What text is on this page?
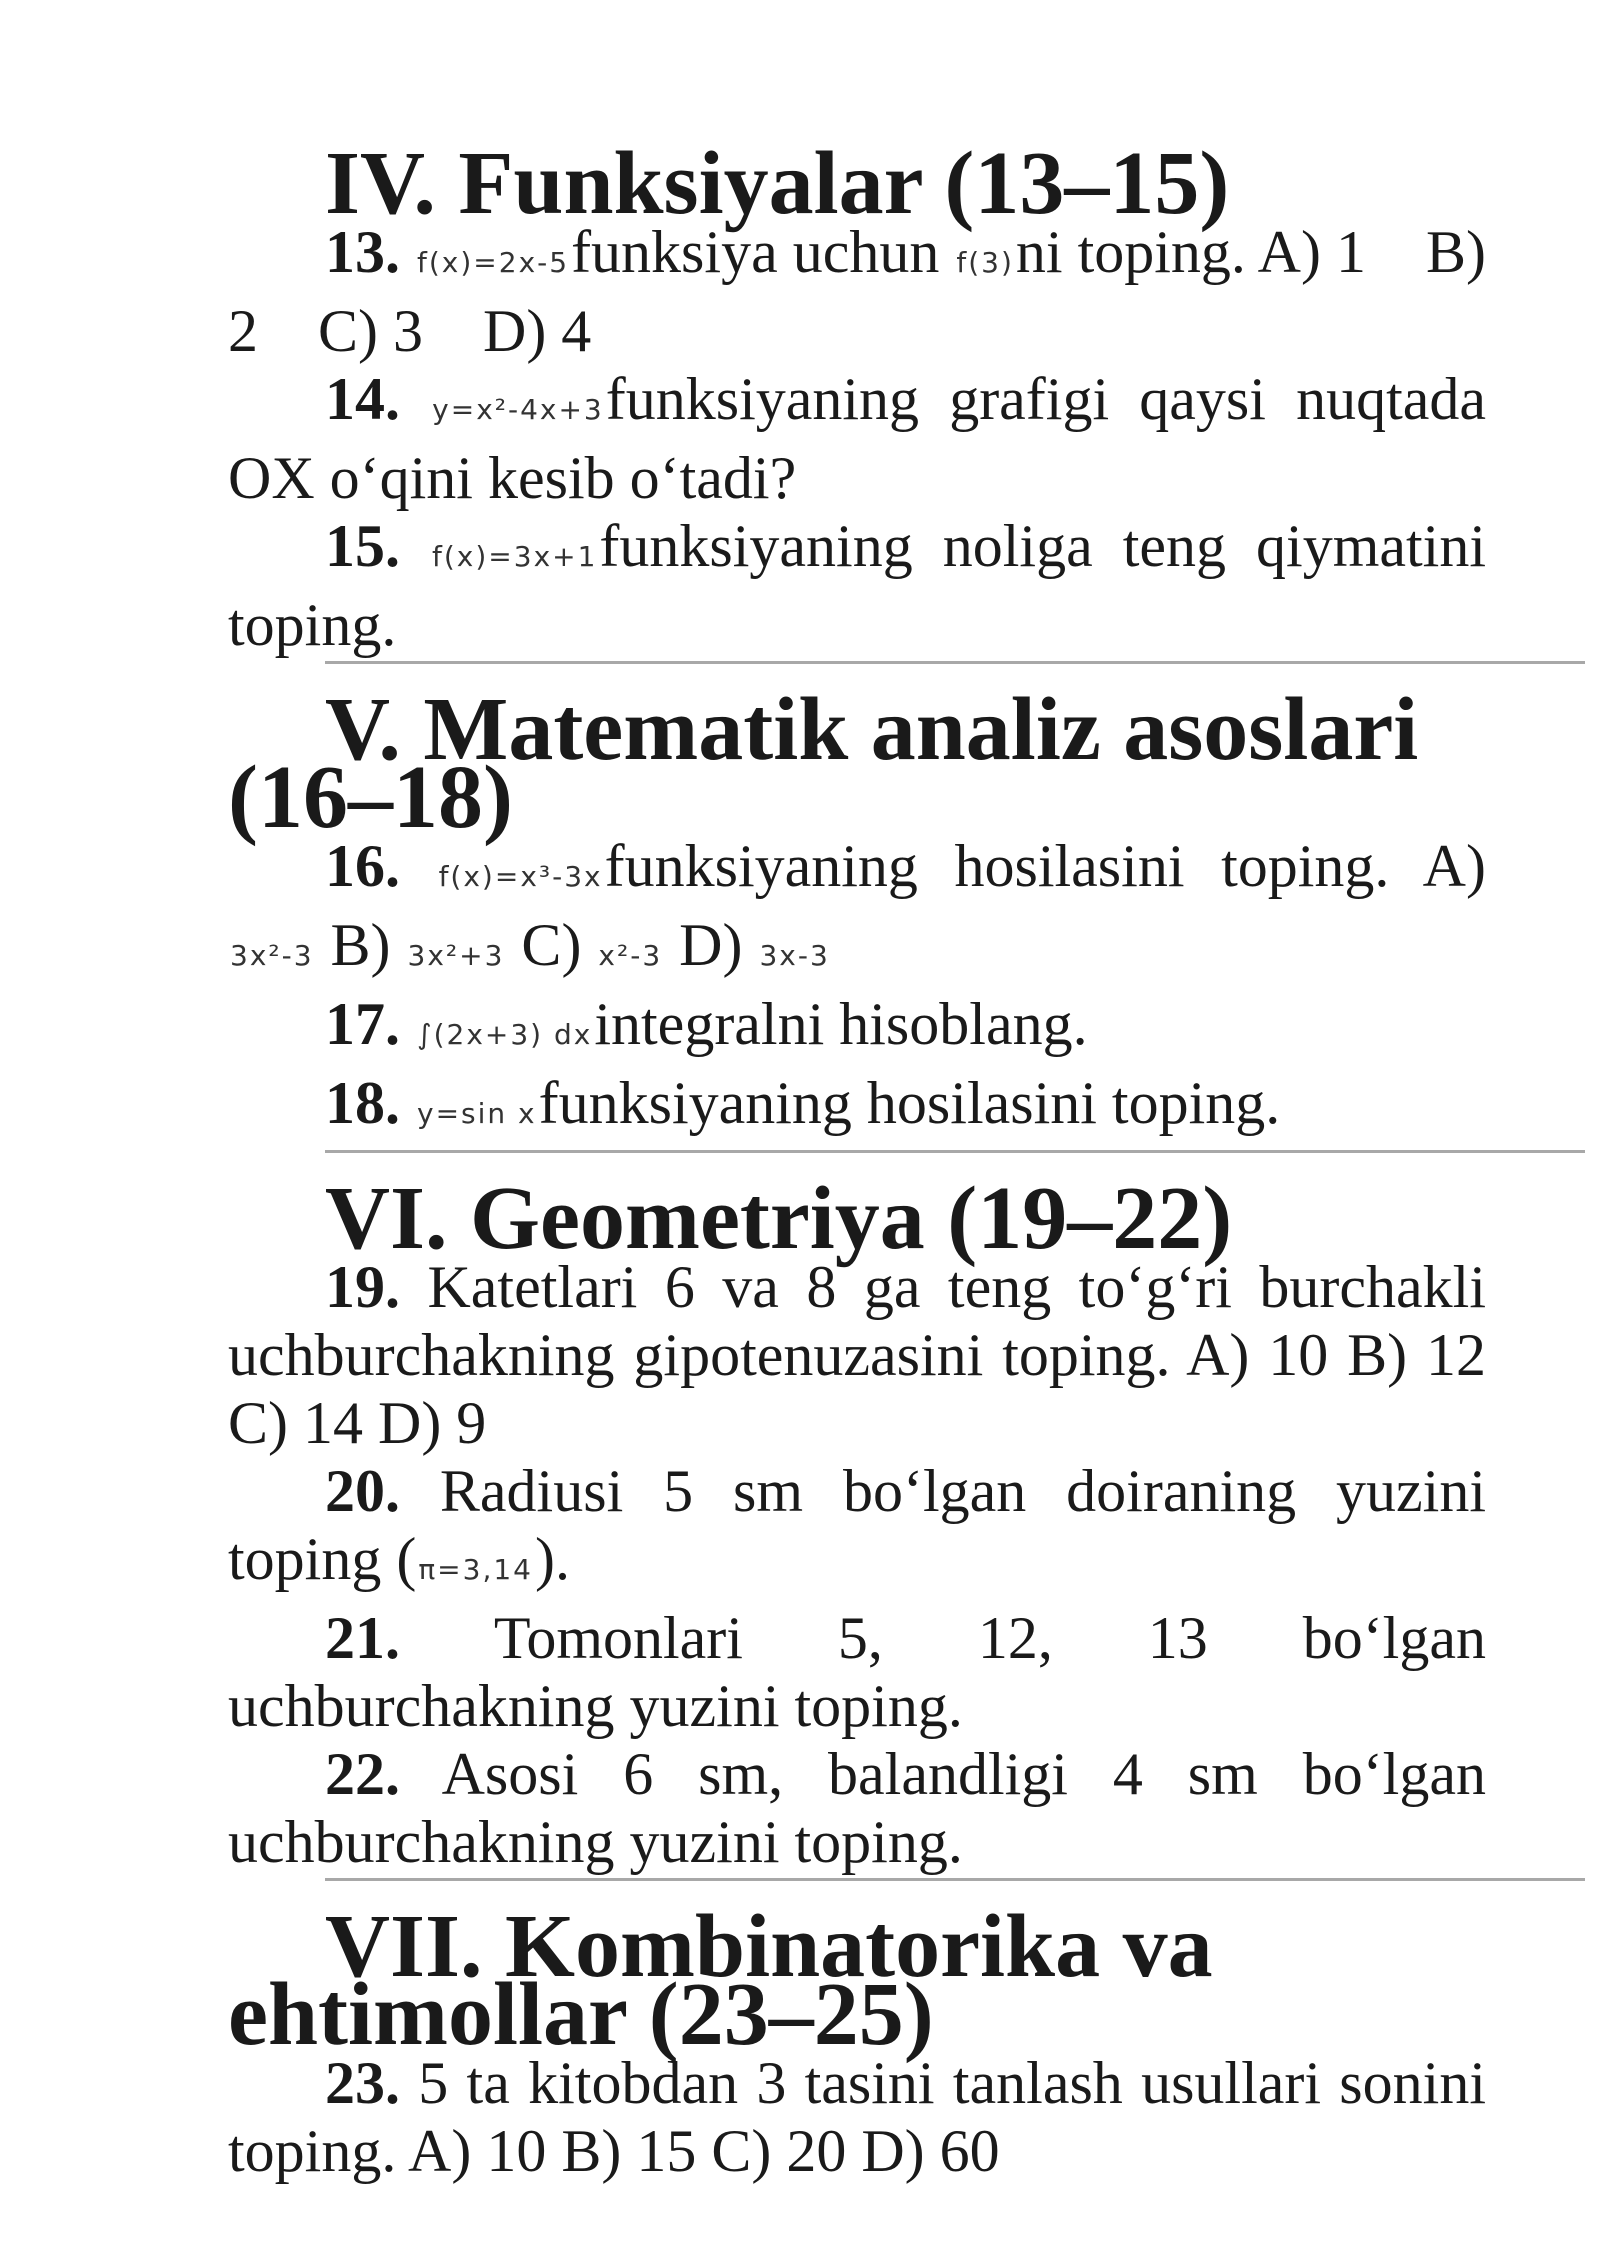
IV. Funksiyalar (13–15)

13. f(x)=2x-5funksiya uchun f(3)ni toping. A) 1    B) 2    C) 3    D) 4

14. y=x²-4x+3funksiyaning grafigi qaysi nuqtada OX o‘qini kesib o‘tadi?

15. f(x)=3x+1funksiyaning noliga teng qiymatini toping.

V. Matematik analiz asoslari (16–18)

16. f(x)=x³-3xfunksiyaning hosilasini toping. A) 3x²-3 B) 3x²+3 C) x²-3 D) 3x-3

17. ∫(2x+3) dxintegralni hisoblang.

18. y=sin xfunksiyaning hosilasini toping.

VI. Geometriya (19–22)

19. Katetlari 6 va 8 ga teng to‘g‘ri burchakli uchburchakning gipotenuzasini toping. A) 10 B) 12 C) 14 D) 9

20. Radiusi 5 sm bo‘lgan doiraning yuzini toping (π=3,14).

21. Tomonlari 5, 12, 13 bo‘lgan uchburchakning yuzini toping.

22. Asosi 6 sm, balandligi 4 sm bo‘lgan uchburchakning yuzini toping.

VII. Kombinatorika va ehtimollar (23–25)

23. 5 ta kitobdan 3 tasini tanlash usullari sonini toping. A) 10 B) 15 C) 20 D) 60
